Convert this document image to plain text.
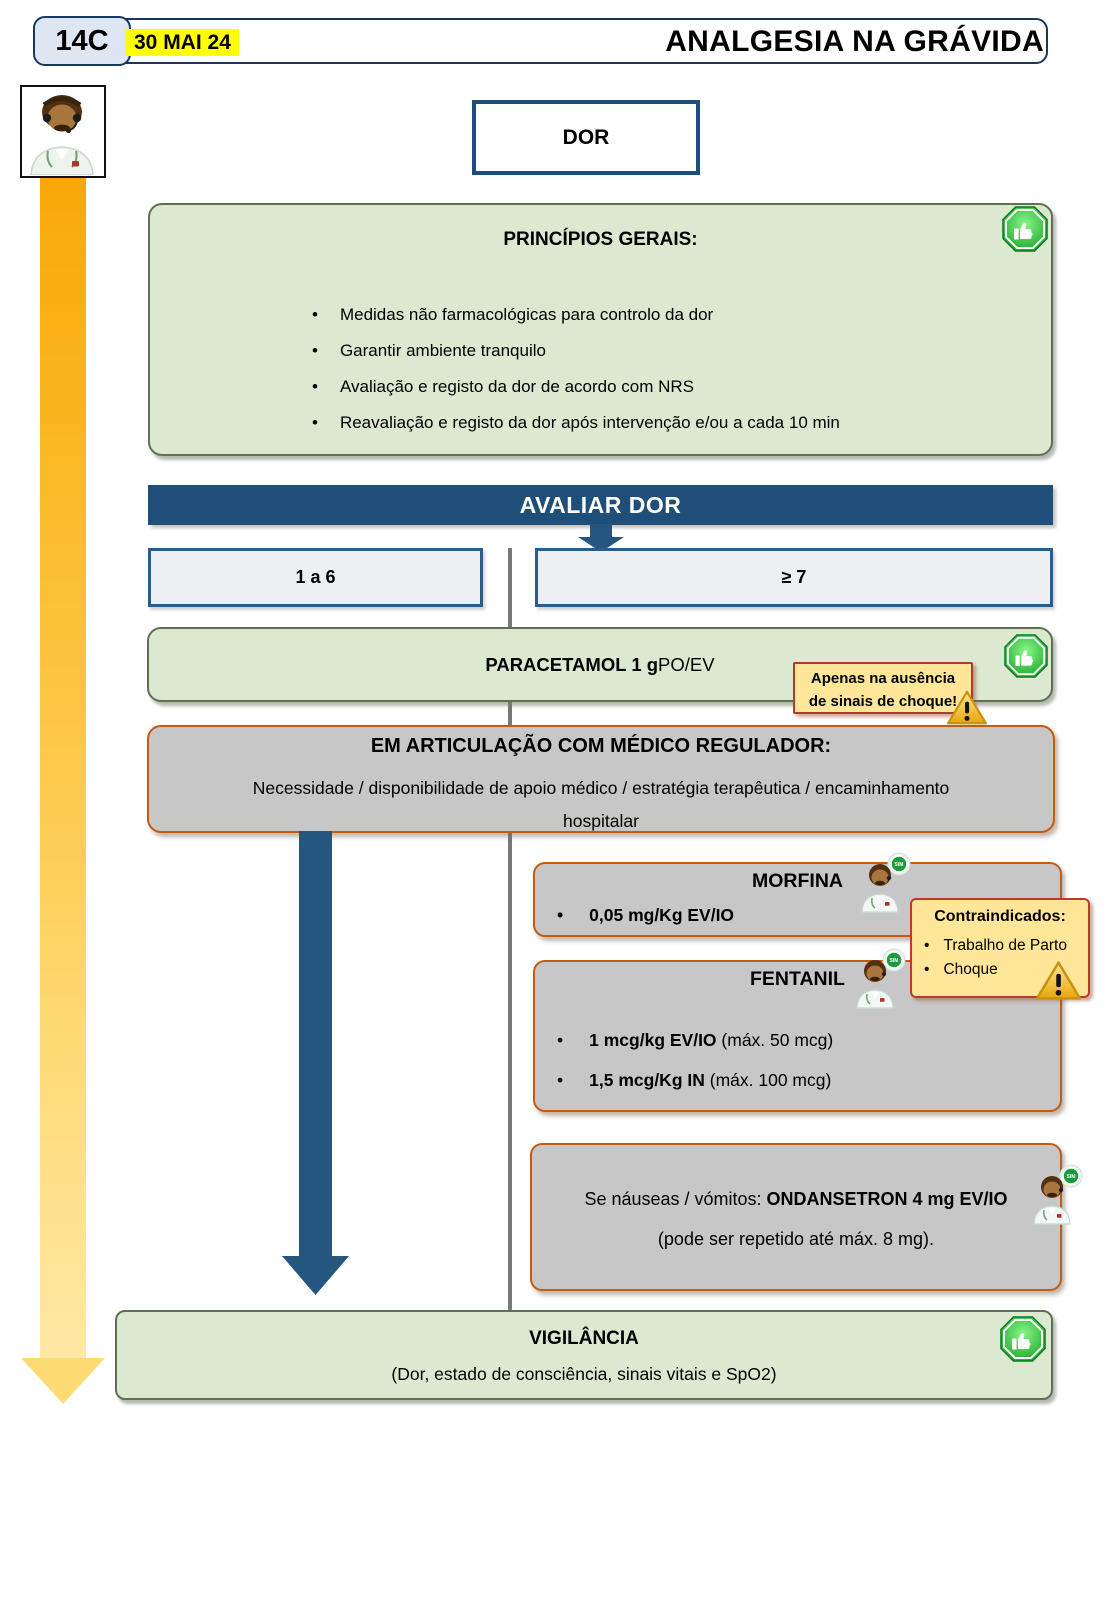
14C	30 MAI 24	ANALGESIA NA GRÁVIDA
DOR
PRINCÍPIOS GERAIS:
• Medidas não farmacológicas para controlo da dor
• Garantir ambiente tranquilo
• Avaliação e registo da dor de acordo com NRS
• Reavaliação e registo da dor após intervenção e/ou a cada 10 min
AVALIAR DOR
1 a 6	≥ 7
PARACETAMOL 1 g PO/EV
Apenas na ausência
de sinais de choque!
EM ARTICULAÇÃO COM MÉDICO REGULADOR:
Necessidade / disponibilidade de apoio médico / estratégia terapêutica / encaminhamento
hospitalar
MORFINA
• 0,05 mg/Kg EV/IO	Contraindicados:
• Trabalho de Parto
• Choque
FENTANIL
• 1 mcg/kg EV/IO (máx. 50 mcg)
• 1,5 mcg/Kg IN (máx. 100 mcg)
Se náuseas / vómitos: ONDANSETRON 4 mg EV/IO
(pode ser repetido até máx. 8 mg).
VIGILÂNCIA
(Dor, estado de consciência, sinais vitais e SpO2)
SIM
SIM
SIM
